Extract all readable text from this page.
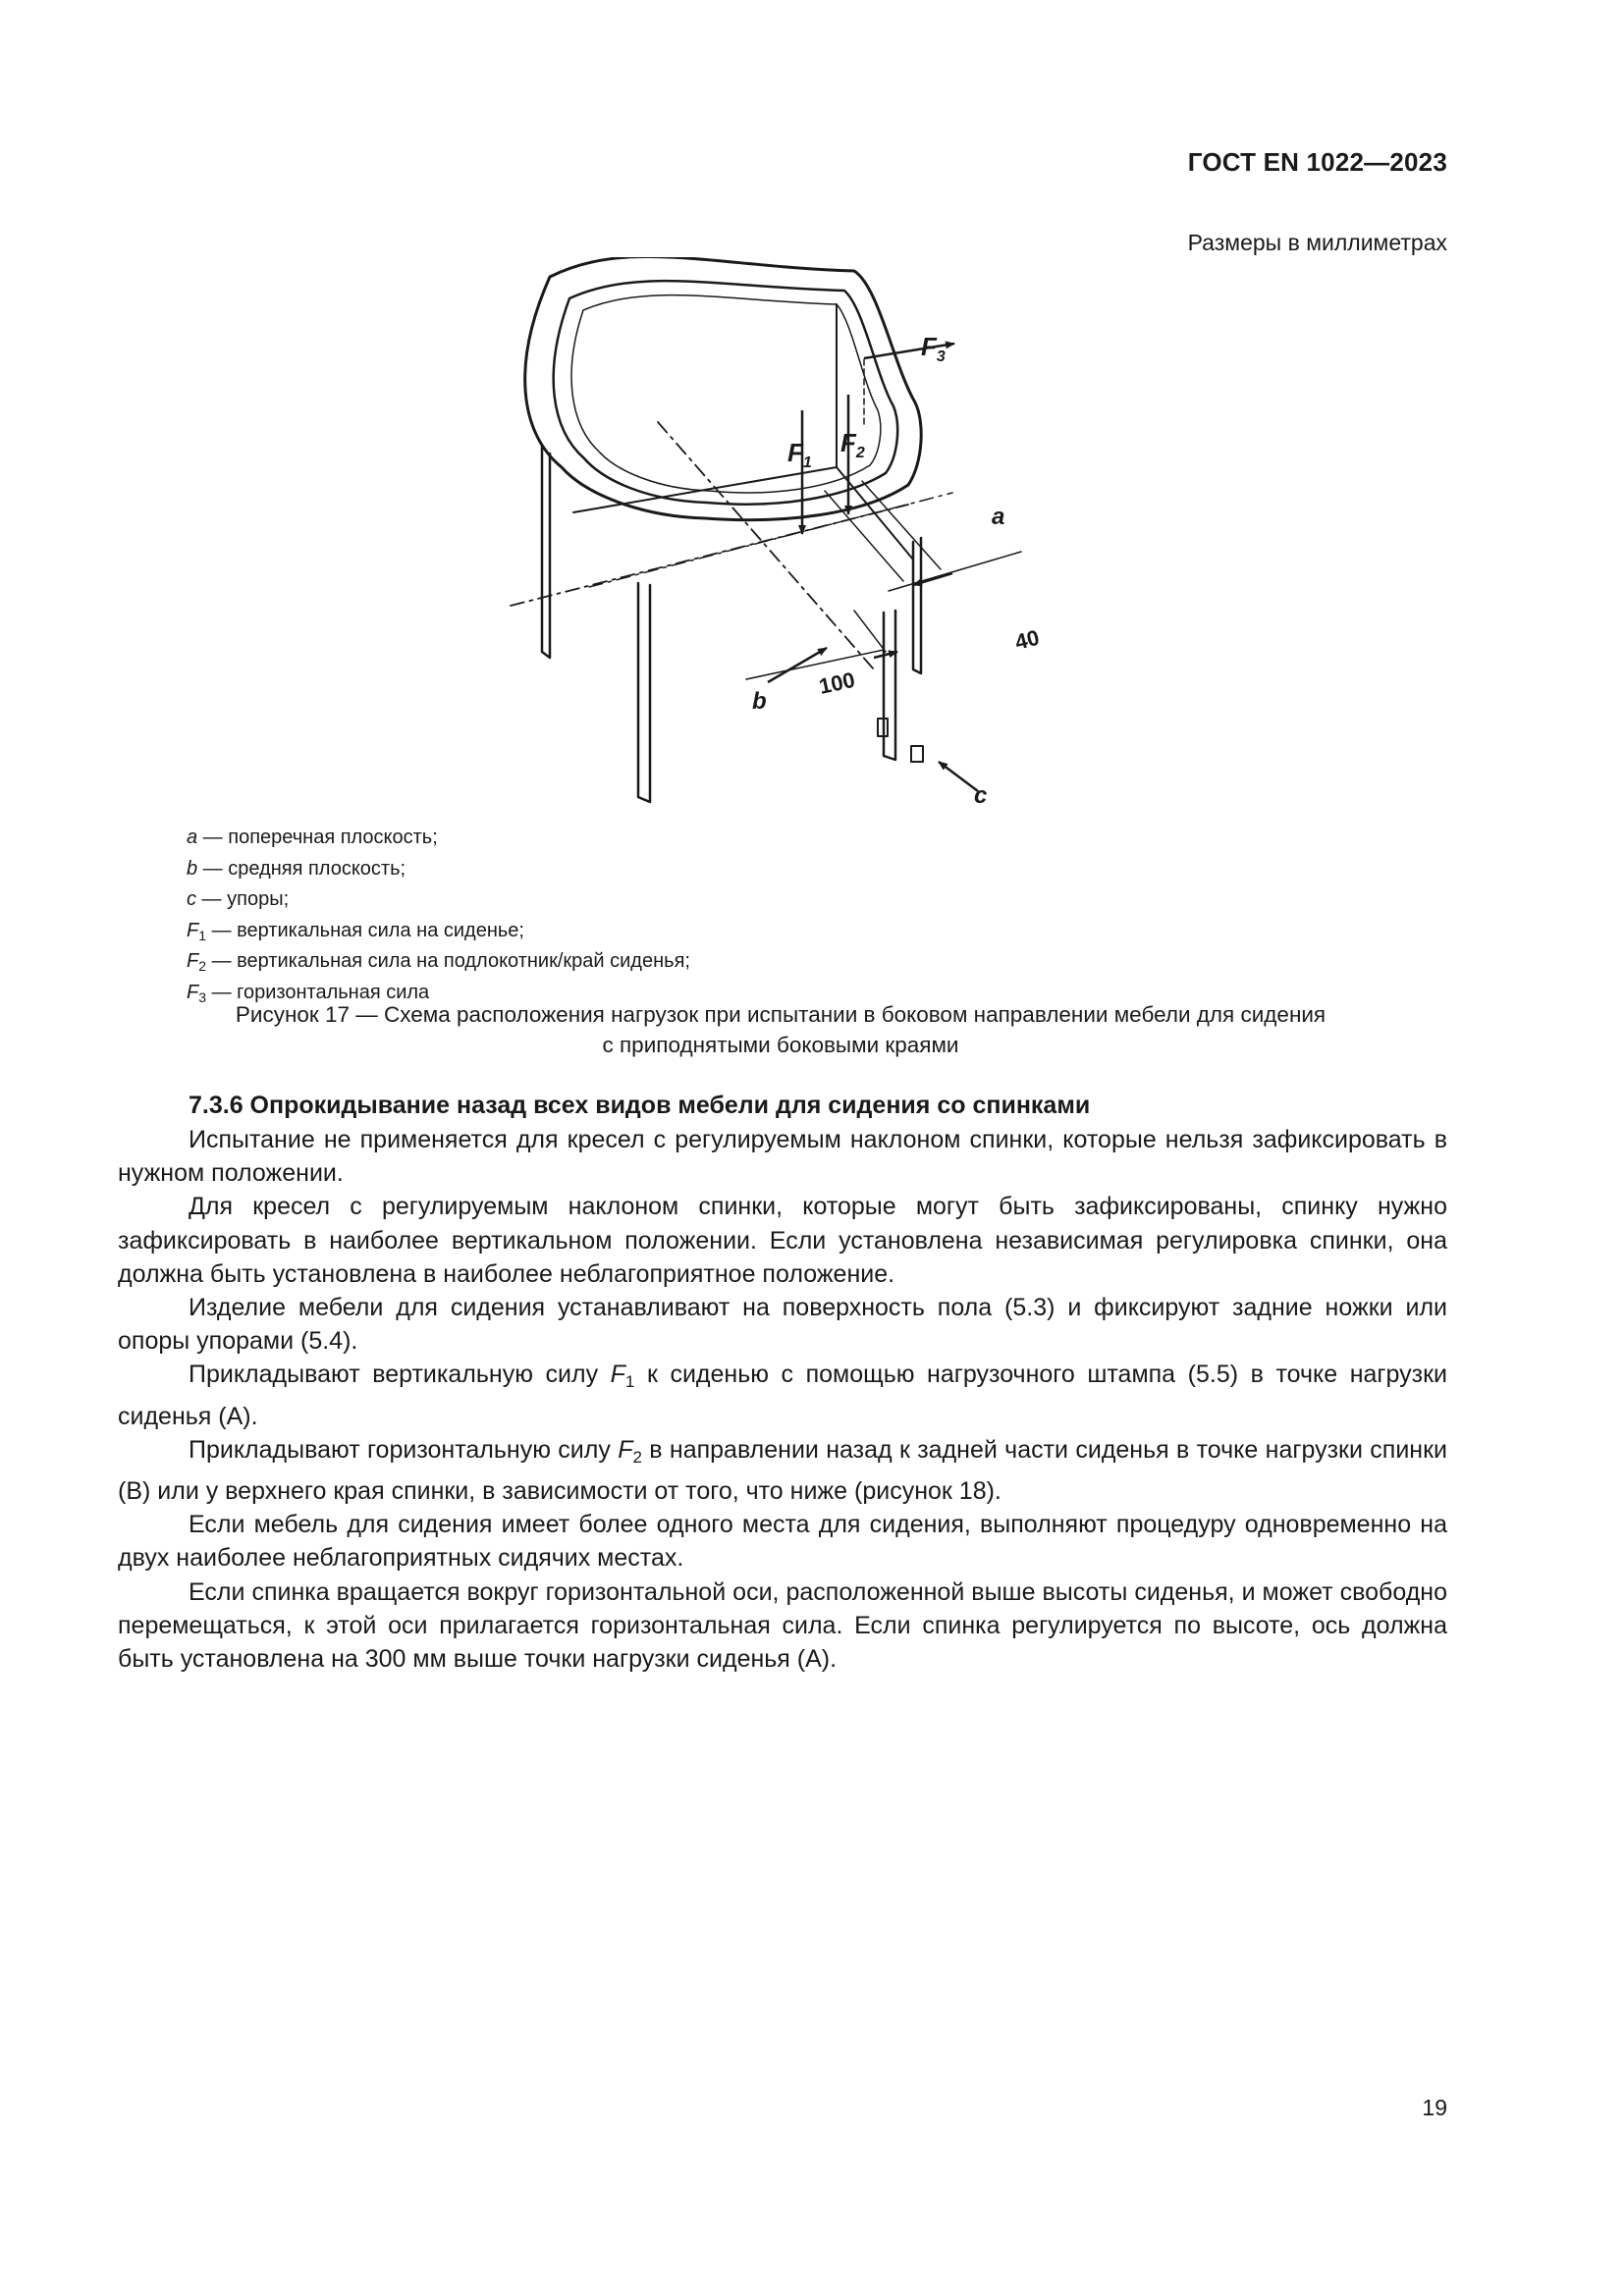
ГОСТ EN 1022—2023
Размеры в миллиметрах
$F_1$
$F_2$
$F_3$
a
b
c
40
100
a — поперечная плоскость;
b — средняя плоскость;
c — упоры;
$F_1$ — вертикальная сила на сиденье;
$F_2$ — вертикальная сила на подлокотник/край сиденья;
$F_3$ — горизонтальная сила
Рисунок 17 — Схема расположения нагрузок при испытании в боковом направлении мебели для сидения
с приподнятыми боковыми краями
7.3.6 Опрокидывание назад всех видов мебели для сидения со спинками

Испытание не применяется для кресел с регулируемым наклоном спинки, которые нельзя зафиксировать в нужном положении.

Для кресел с регулируемым наклоном спинки, которые могут быть зафиксированы, спинку нужно зафиксировать в наиболее вертикальном положении. Если установлена независимая регулировка спинки, она должна быть установлена в наиболее неблагоприятное положение.

Изделие мебели для сидения устанавливают на поверхность пола (5.3) и фиксируют задние ножки или опоры упорами (5.4).

Прикладывают вертикальную силу $F_1$ к сиденью с помощью нагрузочного штампа (5.5) в точке нагрузки сиденья (А).

Прикладывают горизонтальную силу $F_2$ в направлении назад к задней части сиденья в точке нагрузки спинки (В) или у верхнего края спинки, в зависимости от того, что ниже (рисунок 18).

Если мебель для сидения имеет более одного места для сидения, выполняют процедуру одновременно на двух наиболее неблагоприятных сидячих местах.

Если спинка вращается вокруг горизонтальной оси, расположенной выше высоты сиденья, и может свободно перемещаться, к этой оси прилагается горизонтальная сила. Если спинка регулируется по высоте, ось должна быть установлена на 300 мм выше точки нагрузки сиденья (А).

19
